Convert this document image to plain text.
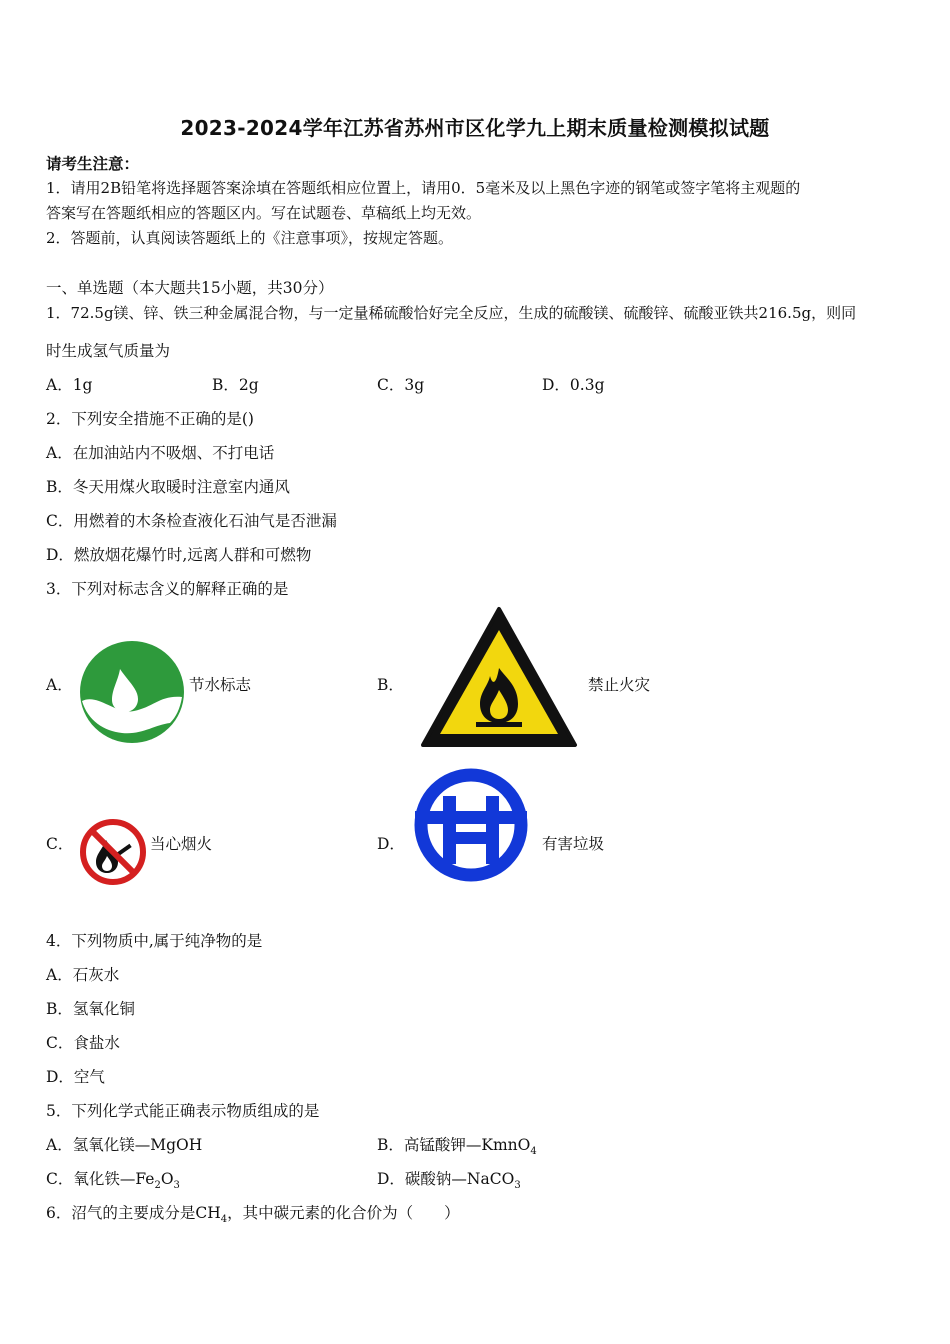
2023-2024学年江苏省苏州市区化学九上期末质量检测模拟试题
请考生注意：
1．请用2B铅笔将选择题答案涂填在答题纸相应位置上，请用0．5毫米及以上黑色字迹的钢笔或签字笔将主观题的
答案写在答题纸相应的答题区内。写在试题卷、草稿纸上均无效。
2．答题前，认真阅读答题纸上的《注意事项》，按规定答题。
一、单选题（本大题共15小题，共30分）
1．72.5g镁、锌、铁三种金属混合物，与一定量稀硫酸恰好完全反应，生成的硫酸镁、硫酸锌、硫酸亚铁共216.5g，则同
时生成氢气质量为
A．1g	B．2g	C．3g	D．0.3g
2．下列安全措施不正确的是()
A．在加油站内不吸烟、不打电话
B．冬天用煤火取暖时注意室内通风
C．用燃着的木条检查液化石油气是否泄漏
D．燃放烟花爆竹时,远离人群和可燃物
3．下列对标志含义的解释正确的是
A．	节水标志	B．	禁止火灾
C．	当心烟火	D．	有害垃圾
4．下列物质中,属于纯净物的是
A．石灰水
B．氢氧化铜
C．食盐水
D．空气
5．下列化学式能正确表示物质组成的是
A．氢氧化镁—MgOH	B．高锰酸钾—KmnO$_4$
C．氧化铁$—Fe_2O_3$	D．碳酸钠—NaCO$_3$
6．沼气的主要成分是$CH_4$，其中碳元素的化合价为（　　）
